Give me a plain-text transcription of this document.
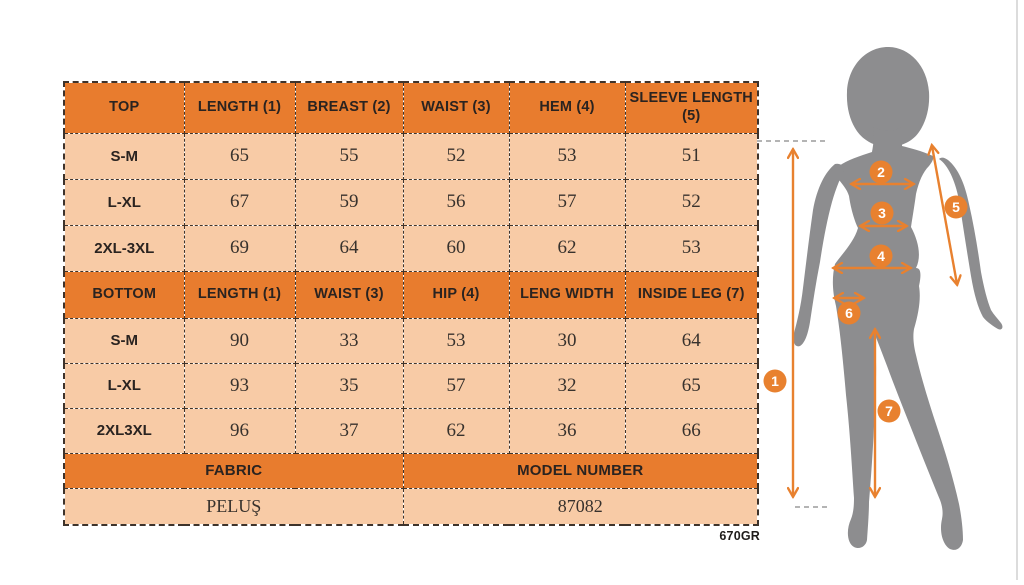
TOP	LENGTH (1)	BREAST (2)	WAIST (3)	HEM (4)	SLEEVE LENGTH (5)
S-M	65	55	52	53	51
L-XL	67	59	56	57	52
2XL-3XL	69	64	60	62	53
BOTTOM	LENGTH (1)	WAIST (3)	HIP (4)	LENG WIDTH	INSIDE LEG (7)
S-M	90	33	53	30	64
L-XL	93	35	57	32	65
2XL3XL	96	37	62	36	66
FABRIC			MODEL NUMBER		
PELUŞ			87082		
670GR
1
2
3
4
5
6
7
